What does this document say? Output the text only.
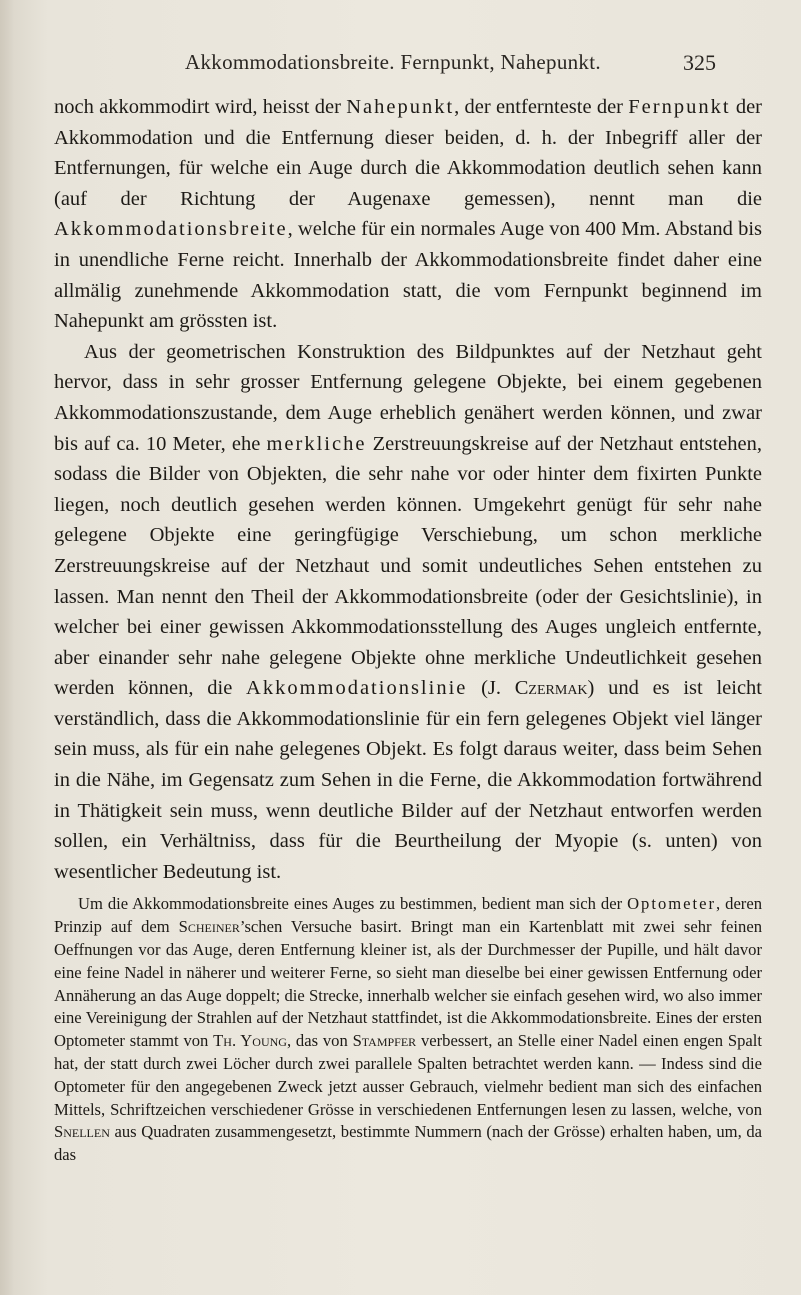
Akkommodationsbreite. Fernpunkt, Nahepunkt.	325

noch akkommodirt wird, heisst der Nahepunkt, der entfernteste der Fernpunkt der Akkommodation und die Entfernung dieser beiden, d. h. der Inbegriff aller der Entfernungen, für welche ein Auge durch die Akkommodation deutlich sehen kann (auf der Richtung der Augenaxe gemessen), nennt man die Akkommodationsbreite, welche für ein normales Auge von 400 Mm. Abstand bis in unendliche Ferne reicht. Innerhalb der Akkommodationsbreite findet daher eine allmälig zunehmende Akkommodation statt, die vom Fernpunkt beginnend im Nahepunkt am grössten ist.

Aus der geometrischen Konstruktion des Bildpunktes auf der Netzhaut geht hervor, dass in sehr grosser Entfernung gelegene Objekte, bei einem gegebenen Akkommodationszustande, dem Auge erheblich genähert werden können, und zwar bis auf ca. 10 Meter, ehe merkliche Zerstreuungskreise auf der Netzhaut entstehen, sodass die Bilder von Objekten, die sehr nahe vor oder hinter dem fixirten Punkte liegen, noch deutlich gesehen werden können. Umgekehrt genügt für sehr nahe gelegene Objekte eine geringfügige Verschiebung, um schon merkliche Zerstreuungskreise auf der Netzhaut und somit undeutliches Sehen entstehen zu lassen. Man nennt den Theil der Akkommodationsbreite (oder der Gesichtslinie), in welcher bei einer gewissen Akkommodationsstellung des Auges ungleich entfernte, aber einander sehr nahe gelegene Objekte ohne merkliche Undeutlichkeit gesehen werden können, die Akkommodationslinie (J. Czermak) und es ist leicht verständlich, dass die Akkommodationslinie für ein fern gelegenes Objekt viel länger sein muss, als für ein nahe gelegenes Objekt. Es folgt daraus weiter, dass beim Sehen in die Nähe, im Gegensatz zum Sehen in die Ferne, die Akkommodation fortwährend in Thätigkeit sein muss, wenn deutliche Bilder auf der Netzhaut entworfen werden sollen, ein Verhältniss, dass für die Beurtheilung der Myopie (s. unten) von wesentlicher Bedeutung ist.

Um die Akkommodationsbreite eines Auges zu bestimmen, bedient man sich der Optometer, deren Prinzip auf dem Scheiner’schen Versuche basirt. Bringt man ein Kartenblatt mit zwei sehr feinen Oeffnungen vor das Auge, deren Entfernung kleiner ist, als der Durchmesser der Pupille, und hält davor eine feine Nadel in näherer und weiterer Ferne, so sieht man dieselbe bei einer gewissen Entfernung oder Annäherung an das Auge doppelt; die Strecke, innerhalb welcher sie einfach gesehen wird, wo also immer eine Vereinigung der Strahlen auf der Netzhaut stattfindet, ist die Akkommodationsbreite. Eines der ersten Optometer stammt von Th. Young, das von Stampfer verbessert, an Stelle einer Nadel einen engen Spalt hat, der statt durch zwei Löcher durch zwei parallele Spalten betrachtet werden kann. — Indess sind die Optometer für den angegebenen Zweck jetzt ausser Gebrauch, vielmehr bedient man sich des einfachen Mittels, Schriftzeichen verschiedener Grösse in verschiedenen Entfernungen lesen zu lassen, welche, von Snellen aus Quadraten zusammengesetzt, bestimmte Nummern (nach der Grösse) erhalten haben, um, da das
